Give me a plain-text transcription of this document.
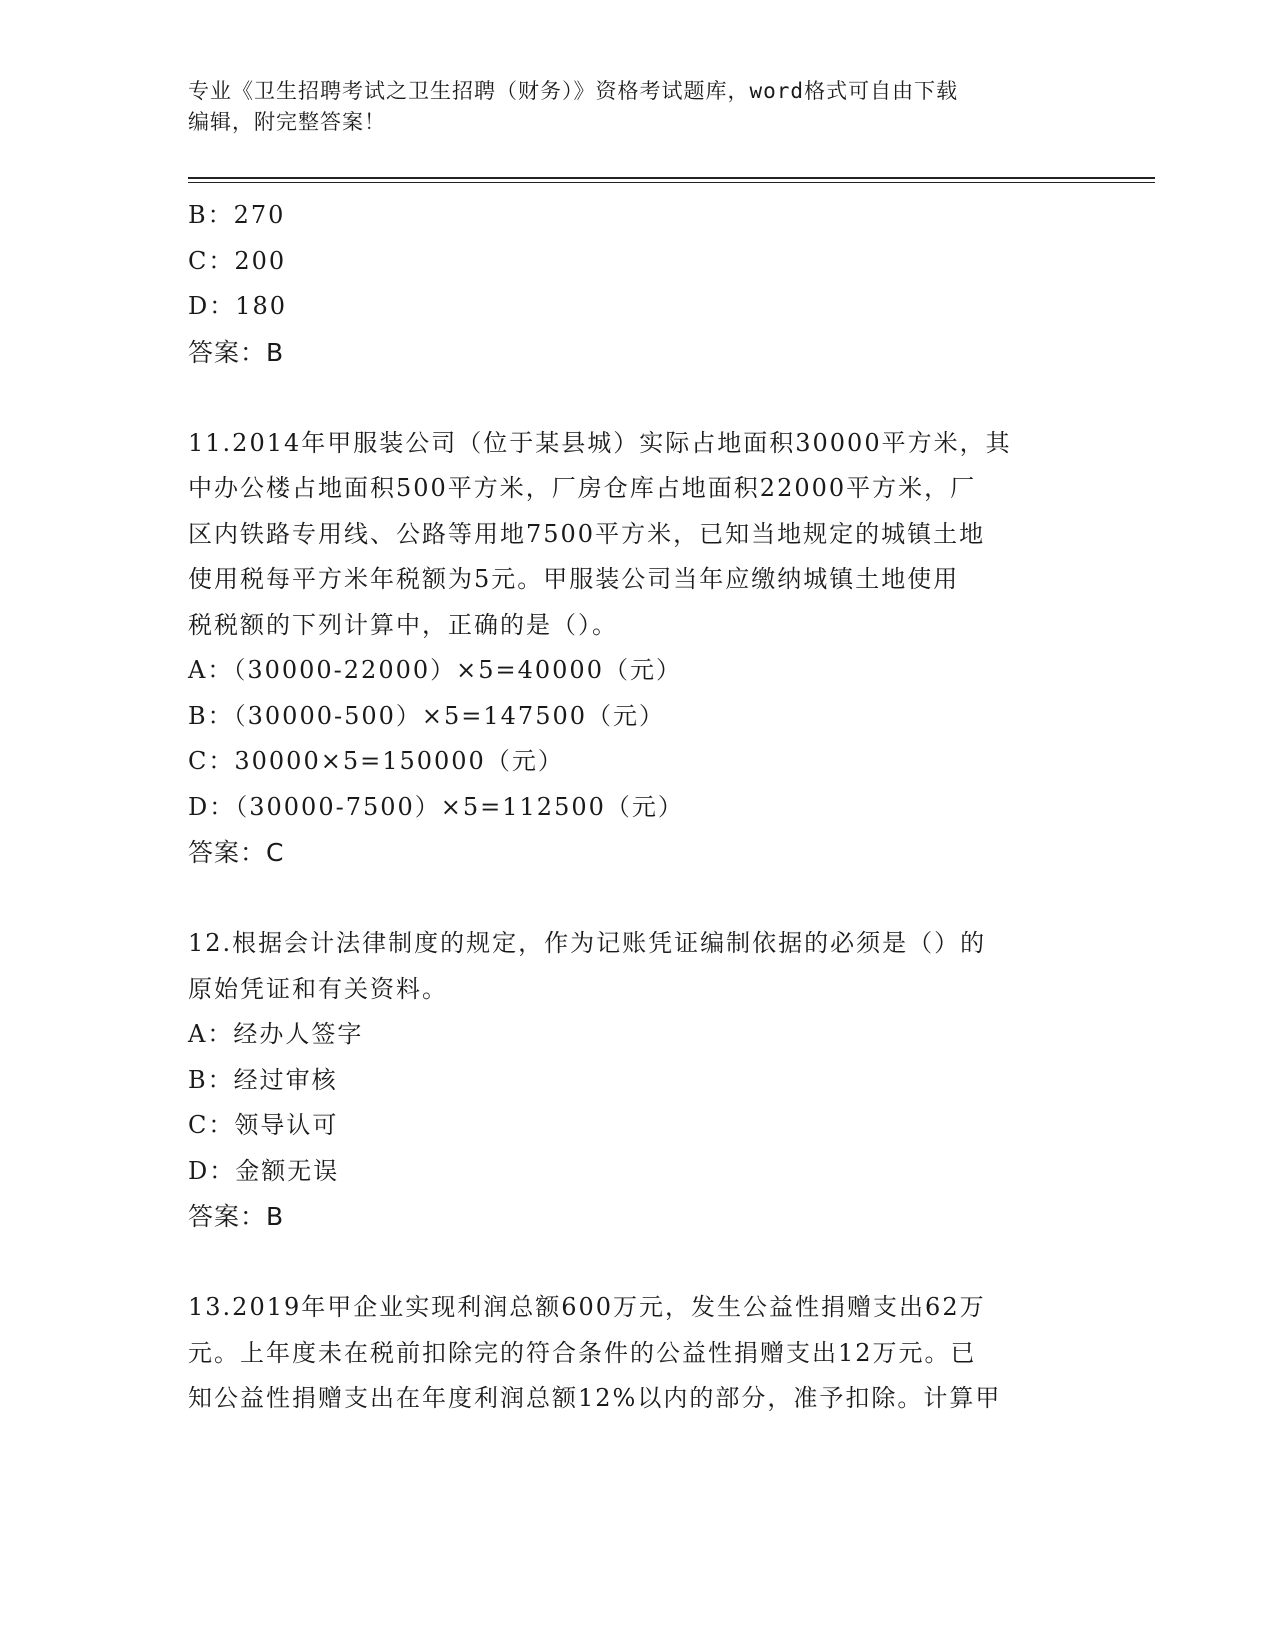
专业《卫生招聘考试之卫生招聘（财务）》资格考试题库，word格式可自由下载
编辑，附完整答案！
B：270
C：200
D：180
答案：B
11.2014年甲服装公司（位于某县城）实际占地面积30000平方米，其
中办公楼占地面积500平方米，厂房仓库占地面积22000平方米，厂
区内铁路专用线、公路等用地7500平方米，已知当地规定的城镇土地
使用税每平方米年税额为5元。甲服装公司当年应缴纳城镇土地使用
税税额的下列计算中，正确的是（）。
A：（30000-22000）×5=40000（元）
B：（30000-500）×5=147500（元）
C：30000×5=150000（元）
D：（30000-7500）×5=112500（元）
答案：C
12.根据会计法律制度的规定，作为记账凭证编制依据的必须是（）的
原始凭证和有关资料。
A：经办人签字
B：经过审核
C：领导认可
D：金额无误
答案：B
13.2019年甲企业实现利润总额600万元，发生公益性捐赠支出62万
元。上年度未在税前扣除完的符合条件的公益性捐赠支出12万元。已
知公益性捐赠支出在年度利润总额12%以内的部分，准予扣除。计算甲
